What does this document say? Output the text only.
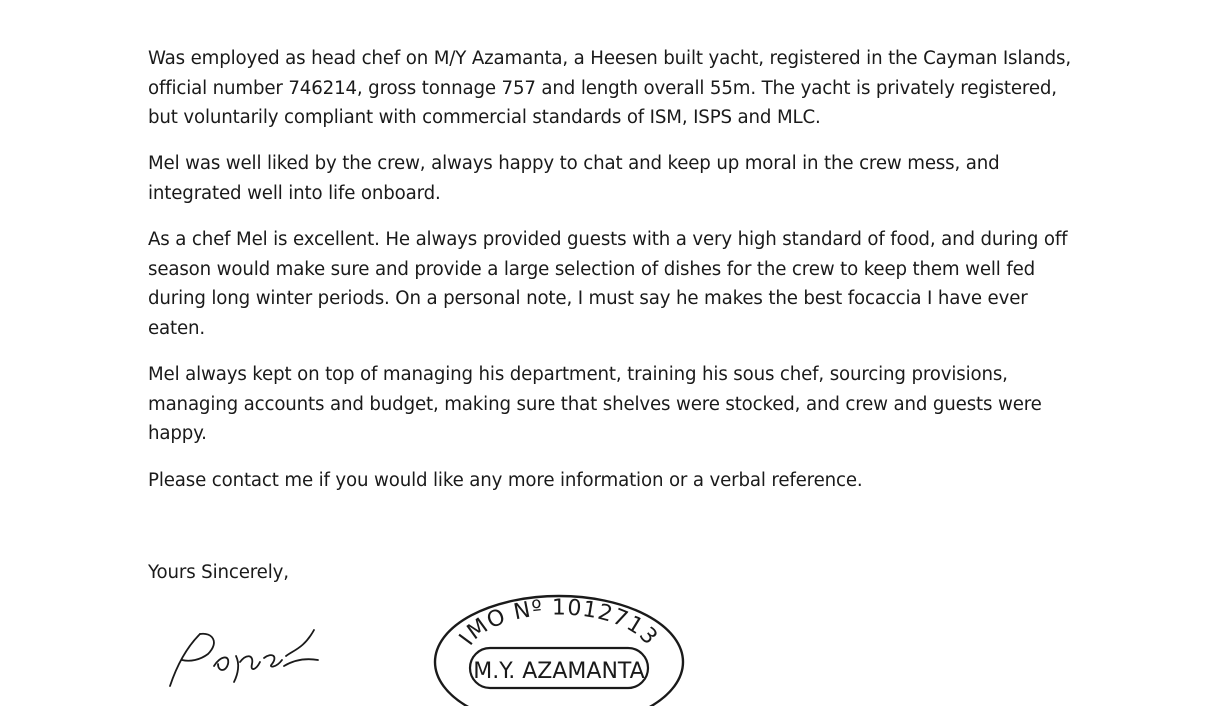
Was employed as head chef on M/Y Azamanta, a Heesen built yacht, registered in the Cayman Islands, official number 746214, gross tonnage 757 and length overall 55m. The yacht is privately registered, but voluntarily compliant with commercial standards of ISM, ISPS and MLC.

Mel was well liked by the crew, always happy to chat and keep up moral in the crew mess, and integrated well into life onboard.

As a chef Mel is excellent. He always provided guests with a very high standard of food, and during off season would make sure and provide a large selection of dishes for the crew to keep them well fed during long winter periods. On a personal note, I must say he makes the best focaccia I have ever eaten.

Mel always kept on top of managing his department, training his sous chef, sourcing provisions, managing accounts and budget, making sure that shelves were stocked, and crew and guests were happy.

Please contact me if you would like any more information or a verbal reference.

Yours Sincerely,

IMO Nº 1012713
M.Y. AZAMANTA
